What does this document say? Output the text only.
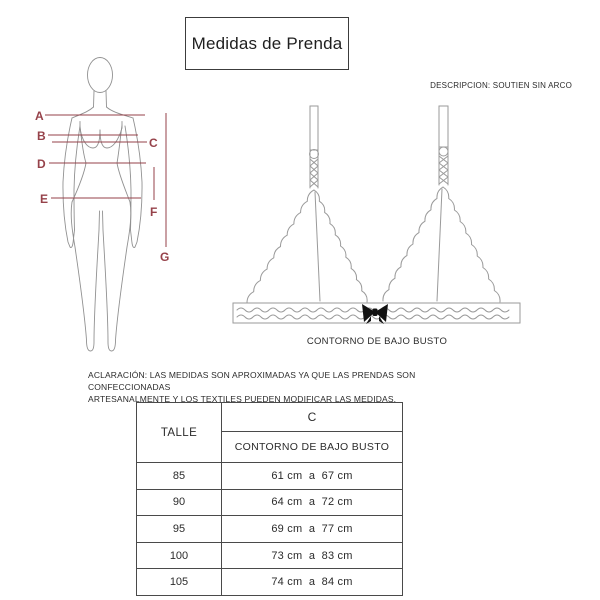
Medidas de Prenda
DESCRIPCION: SOUTIEN SIN ARCO
A
B	C
D
E
F
G
CONTORNO DE BAJO BUSTO
ACLARACIÓN: LAS MEDIDAS SON APROXIMADAS YA QUE LAS PRENDAS SON CONFECCIONADAS
ARTESANALMENTE Y LOS TEXTILES PUEDEN MODIFICAR LAS MEDIDAS.
TALLE	C
	CONTORNO DE BAJO BUSTO
85	61 cm  a  67 cm
90	64 cm  a  72 cm
95	69 cm  a  77 cm
100	73 cm  a  83 cm
105	74 cm  a  84 cm
